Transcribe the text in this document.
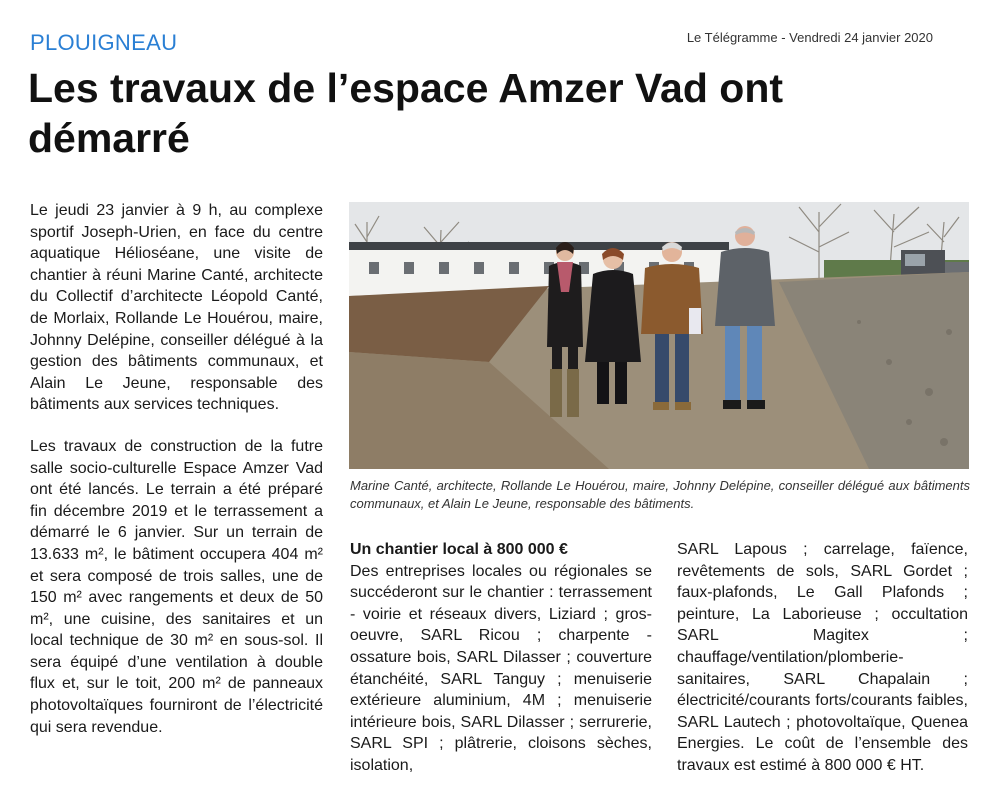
PLOUIGNEAU	Le Télégramme - Vendredi 24 janvier 2020
Les travaux de l’espace Amzer Vad ont démarré

Le jeudi 23 janvier à 9 h, au complexe sportif Joseph-Urien, en face du centre aquatique Hélioséane, une visite de chantier à réuni Marine Canté, architecte du Collectif d’architecte Léopold Canté, de Morlaix, Rollande Le Houérou, maire, Johnny Delépine, conseiller délégué à la gestion des bâtiments communaux, et Alain Le Jeune, responsable des bâtiments aux services techniques.

Les travaux de construction de la futre salle socio-culturelle Espace Amzer Vad ont été lancés. Le terrain a été préparé fin décembre 2019 et le terrassement a démarré le 6 janvier. Sur un terrain de 13.633 m², le bâtiment occupera 404 m² et sera composé de trois salles, une de 150 m² avec rangements et deux de 50 m², une cuisine, des sanitaires et un local technique de 30 m² en sous-sol. Il sera équipé d’une ventilation à double flux et, sur le toit, 200 m² de panneaux photovoltaïques fourniront de l’électricité qui sera revendue.

Marine Canté, architecte, Rollande Le Houérou, maire, Johnny Delépine, conseiller délégué aux bâtiments communaux, et Alain Le Jeune, responsable des bâtiments.

Un chantier local à 800 000 €

Des entreprises locales ou régionales se succéderont sur le chantier : terrassement - voirie et réseaux divers, Liziard ; gros-oeuvre, SARL Ricou ; charpente - ossature bois, SARL Dilasser ; couverture étanchéité, SARL Tanguy ; menuiserie extérieure aluminium, 4M ; menuiserie intérieure bois, SARL Dilasser ; serrurerie, SARL SPI ; plâtrerie, cloisons sèches, isolation,

SARL Lapous ; carrelage, faïence, revêtements de sols, SARL Gordet ; faux-plafonds, Le Gall Plafonds ; peinture, La Laborieuse ; occultation SARL Magitex ; chauffage/ventilation/plomberie-sanitaires, SARL Chapalain ; électricité/courants forts/courants faibles, SARL Lautech ; photovoltaïque, Quenea Energies. Le coût de l’ensemble des travaux est estimé à 800 000 € HT.
